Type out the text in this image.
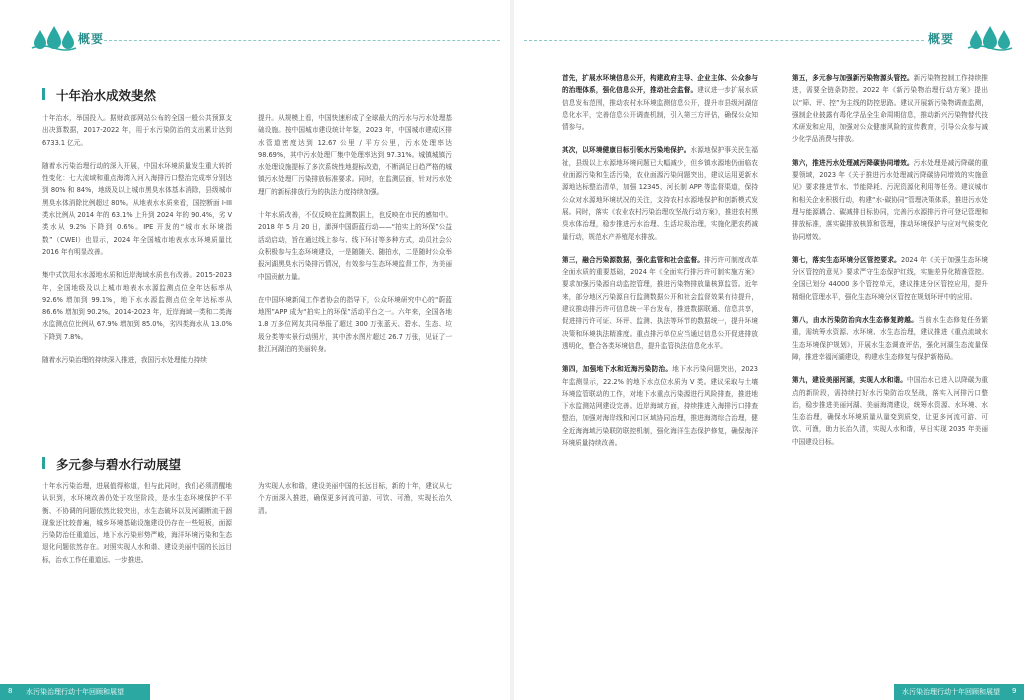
概要
十年治水成效斐然

十年治水，举国投入。据财政部网站公布的全国一般公共预算支出决算数据，2017-2022 年，用于水污染防治的支出累计达到 6733.1 亿元。

随着水污染治理行动的深入开展，中国水环境质量发生重大转折性变化：七大流域和重点海湾入河入海排污口整治完成率分别达到 80% 和 84%，地级及以上城市黑臭水体基本消除，县级城市黑臭水体消除比例超过 80%。从地表水水质来看，国控断面 I-III 类水比例从 2014 年的 63.1% 上升到 2024 年的 90.4%，劣 V 类水从 9.2% 下降到 0.6%。IPE 开发的“城市水环境指数”（CWEI）也显示，2024 年全国城市地表水水环境质量比 2016 年有明显改善。

集中式饮用水水源地水质和近岸海域水质也有改善。2015-2023 年，全国地级及以上城市地表水水源监测点位全年达标率从 92.6% 增加到 99.1%，地下水水源监测点位全年达标率从 86.6% 增加到 90.2%。2014-2023 年，近岸海域一类和二类海水监测点位比例从 67.9% 增加到 85.0%，劣四类海水从 13.0% 下降到 7.8%。

随着水污染治理的持续深入推进，我国污水处理能力持续

提升。从规模上看，中国快速形成了全球最大的污水与污水处理基础设施。按中国城市建设统计年鉴，2023 年，中国城市建成区排水管道密度达到 12.67 公里 / 平方公里，污水处理率达 98.69%，其中污水处理厂集中处理率达到 97.31%。城镇城镇污水处理设施提标了多次系统性地提标改造，不断满足日趋严格的城镇污水处理厂污染排放标准要求。同时，在监测层面，针对污水处理厂的新标排放行为的执法力度持续加强。

十年水质改善，不仅反映在监测数据上，也反映在市民的感知中。2018 年 5 月 20 日，澎湃中国蔚蓝行动——“拍实上的环保”公益活动启动，旨在通过线上参与、线下环讨等多种方式，动员社会公众积极参与生态环境建设，一是随随关、随拍水，二是随时公众举报河湖黑臭水污染排污情况，有效参与生态环境监督工作，为美丽中国贡献力量。

在中国环境新闻工作者协会的指导下，公众环境研究中心的“蔚蓝地图”APP 成为“拍实上的环保”活动平台之一。六年来，全国各地 1.8 万多位网友共同举报了超过 300 万张蓝天、碧水、生态、垃圾分类等实景行动照片，其中涉水图片超过 26.7 万张，见证了一批江河湖泊的美丽转身。

多元参与碧水行动展望

十年水污染治理，进展值得称道，但与此同时，我们必须清醒地认识到，水环境改善仍处于攻坚阶段，是水生态环境保护不平衡、不协调的问题依然比较突出，水生态破坏以及河湖断流干涸现象还比较普遍，城乡环境基础设施建设仍存在一些短板，面源污染防治任重道远，地下水污染形势严峻，海洋环境污染和生态退化问题依然存在。对照实现人水和谐、建设美丽中国的长远目标，治水工作任重道远、一步推进。

为实现人水和谐，建设美丽中国的长远目标，新的十年，建议从七个方面深入推进，确保更多河流可游、可饮、可渔，实现长治久清。

8 水污染治理行动十年回顾和展望
概要

首先，扩展水环境信息公开，构建政府主导、企业主体、公众参与的治理体系，强化信息公开，推动社会监督。建议进一步扩展水质信息发布范围，推动农村水环境监测信息公开，提升市县级河湖信息化水平，完善信息公开调查机制，引入第三方评估，确保公众知情参与。

其次，以环境健康目标引领水污染地保护。水源地保护事关民生福祉，县级以上水源地环境问题已大幅减少，但乡镇水源地仍面临农业面源污染和生活污染，农业面源污染问题突出，建议运用更新水源地达标整治清单，加强 12345、河长制 APP 等监督渠道，保持公众对水源地环境状况的关注，支持农村水源地保护和创新模式发展。同时，落实《农业农村污染治理攻坚战行动方案》，推进农村黑臭水体治理，稳步推进污水治理、生活垃圾治理，实施化肥农药减量行动，规范水产养殖尾水排放。

第三，融合污染源数据，强化监管和社会监督。排污许可制度改革全面水质的重要基础，2024 年《全面实行排污许可制实施方案》要求加强污染源自动监控管理，推进污染物排放量核算监管。近年来，部分地区污染源自行监测数据公开和社会监督效果有待提升，建议推动排污许可信息统一平台发布，推进数据联通、信息共享，促进排污许可证、环评、监测、执法等环节的数据统一，提升环境决策和环境执法精准度。重点排污单位应当通过信息公开促进排放透明化，整合各类环境信息，提升监管执法信息化水平。

第四，加强地下水和近海污染防治。地下水污染问题突出，2023 年监测显示，22.2% 的地下水点位水质为 V 类。建议采取与土壤环境监管联动的工作，对地下水重点污染源进行风险排查，推进地下水监测站网建设完善。近岸海域方面，持续推进入海排污口排查整治，加强对海岸线和河口区域协同治理，推进海湾综合治理，健全近海海域污染联防联控机制，强化海洋生态保护修复，确保海洋环境质量持续改善。

第五，多元参与加强新污染物源头管控。新污染物控制工作持续推进，需要全链条防控。2022 年《新污染物治理行动方案》提出以“筛、评、控”为主线的防控思路。建议开展新污染物调查监测，强制企业披露有毒化学品全生命周期信息，推动新兴污染物替代技术研发和应用，加强对公众健康风险的宣传教育，引导公众参与减少化学品消费与排放。

第六，推进污水处理减污降碳协同增效。污水处理是减污降碳的重要领域，2023 年《关于推进污水处理减污降碳协同增效的实施意见》要求推进节水、节能降耗、污泥资源化利用等任务。建议城市和相关企业积极行动，构建“水-碳协同”管理决策体系，推进污水处理与能源耦合、碳减排目标协同，完善污水源排污许可登记管理和排放标准，落实碳排放核算和管理，推动环境保护与应对气候变化协同增效。

第七，落实生态环境分区管控要求。2024 年《关于加强生态环境分区管控的意见》要求严守生态保护红线，实施差异化精准管控。全国已划分 44000 多个管控单元，建议推进分区管控应用，提升精细化管理水平，强化生态环境分区管控在规划环评中的应用。

第八，由水污染防治向水生态修复跨越。当前水生态修复任务繁重，需统筹水资源、水环境、水生态治理，建议推进《重点流域水生态环境保护规划》，开展水生态调查评估，强化河湖生态流量保障，推进幸福河湖建设，构建水生态修复与保护新格局。

第九，建设美丽河湖，实现人水和谐。中国治水已进入以降碳为重点的新阶段，需持续打好水污染防治攻坚战，落实入河排污口整治，稳步推进美丽河湖、美丽海湾建设，统筹水资源、水环境、水生态治理，确保水环境质量从量变到质变，让更多河流可游、可饮、可渔，助力长治久清，实现人水和谐，早日实现 2035 年美丽中国建设目标。

水污染治理行动十年回顾和展望 9
